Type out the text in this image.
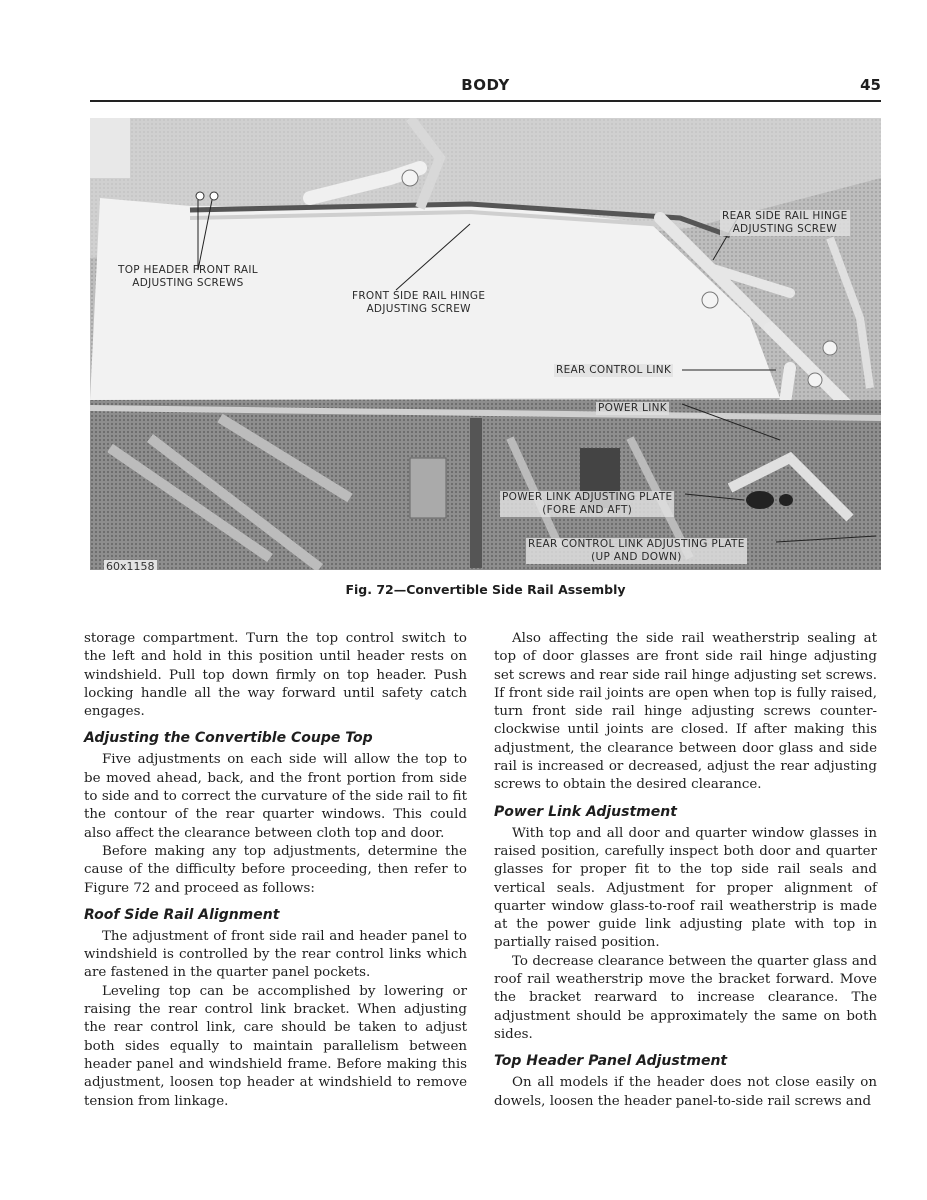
BODY	45
TOP HEADER FRONT RAIL
ADJUSTING SCREWS
FRONT SIDE RAIL HINGE
ADJUSTING SCREW
REAR SIDE RAIL HINGE
ADJUSTING SCREW
REAR CONTROL LINK
POWER LINK
POWER LINK ADJUSTING PLATE
(FORE AND AFT)
REAR CONTROL LINK ADJUSTING PLATE
(UP AND DOWN)
60x1158
Fig. 72—Convertible Side Rail Assembly

storage compartment. Turn the top control switch to the left and hold in this position until header rests on windshield. Pull top down firmly on top header. Push locking handle all the way forward until safety catch engages.

Adjusting the Convertible Coupe Top

Five adjustments on each side will allow the top to be moved ahead, back, and the front portion from side to side and to correct the curvature of the side rail to fit the contour of the rear quarter windows. This could also affect the clearance between cloth top and door.

Before making any top adjustments, determine the cause of the difficulty before proceeding, then refer to Figure 72 and proceed as follows:

Roof Side Rail Alignment

The adjustment of front side rail and header panel to windshield is controlled by the rear control links which are fastened in the quarter panel pockets.

Leveling top can be accomplished by lowering or raising the rear control link bracket. When adjusting the rear control link, care should be taken to adjust both sides equally to maintain parallelism between header panel and windshield frame. Before making this adjustment, loosen top header at windshield to remove tension from linkage.

Also affecting the side rail weatherstrip sealing at top of door glasses are front side rail hinge adjusting set screws and rear side rail hinge adjusting set screws. If front side rail joints are open when top is fully raised, turn front side rail hinge adjusting screws counter-clockwise until joints are closed. If after making this adjustment, the clearance between door glass and side rail is increased or decreased, adjust the rear adjusting screws to obtain the desired clearance.

Power Link Adjustment

With top and all door and quarter window glasses in raised position, carefully inspect both door and quarter glasses for proper fit to the top side rail seals and vertical seals. Adjustment for proper alignment of quarter window glass-to-roof rail weatherstrip is made at the power guide link adjusting plate with top in partially raised position.

To decrease clearance between the quarter glass and roof rail weatherstrip move the bracket forward. Move the bracket rearward to increase clearance. The adjustment should be approximately the same on both sides.

Top Header Panel Adjustment

On all models if the header does not close easily on dowels, loosen the header panel-to-side rail screws and
